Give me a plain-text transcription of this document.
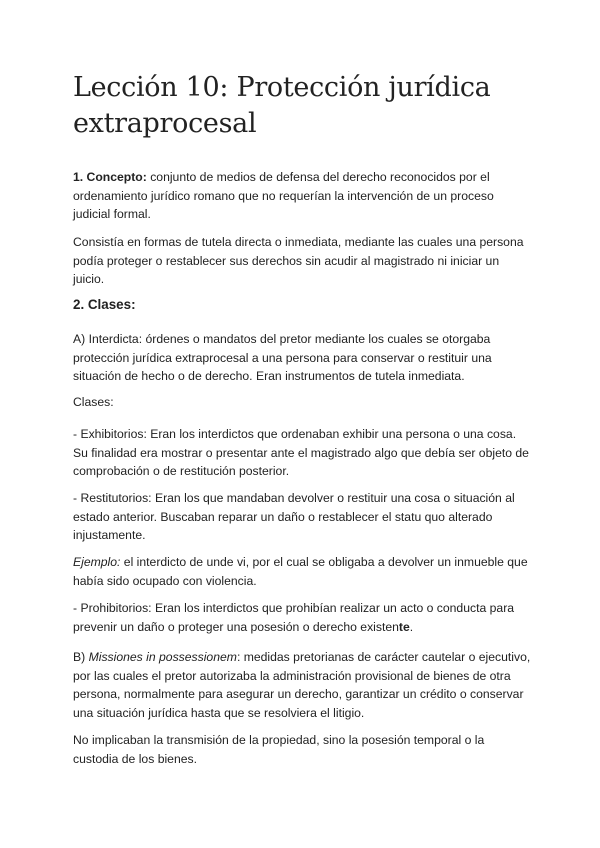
Lección 10: Protección jurídica extraprocesal

1. Concepto: conjunto de medios de defensa del derecho reconocidos por el ordenamiento jurídico romano que no requerían la intervención de un proceso judicial formal.

Consistía en formas de tutela directa o inmediata, mediante las cuales una persona podía proteger o restablecer sus derechos sin acudir al magistrado ni iniciar un juicio.

2. Clases:

A) Interdicta: órdenes o mandatos del pretor mediante los cuales se otorgaba protección jurídica extraprocesal a una persona para conservar o restituir una situación de hecho o de derecho. Eran instrumentos de tutela inmediata.

Clases:

- Exhibitorios: Eran los interdictos que ordenaban exhibir una persona o una cosa. Su finalidad era mostrar o presentar ante el magistrado algo que debía ser objeto de comprobación o de restitución posterior.

- Restitutorios: Eran los que mandaban devolver o restituir una cosa o situación al estado anterior. Buscaban reparar un daño o restablecer el statu quo alterado injustamente.

Ejemplo: el interdicto de unde vi, por el cual se obligaba a devolver un inmueble que había sido ocupado con violencia.

- Prohibitorios: Eran los interdictos que prohibían realizar un acto o conducta para prevenir un daño o proteger una posesión o derecho existente.

B) Missiones in possessionem: medidas pretorianas de carácter cautelar o ejecutivo, por las cuales el pretor autorizaba la administración provisional de bienes de otra persona, normalmente para asegurar un derecho, garantizar un crédito o conservar una situación jurídica hasta que se resolviera el litigio.

No implicaban la transmisión de la propiedad, sino la posesión temporal o la custodia de los bienes.
